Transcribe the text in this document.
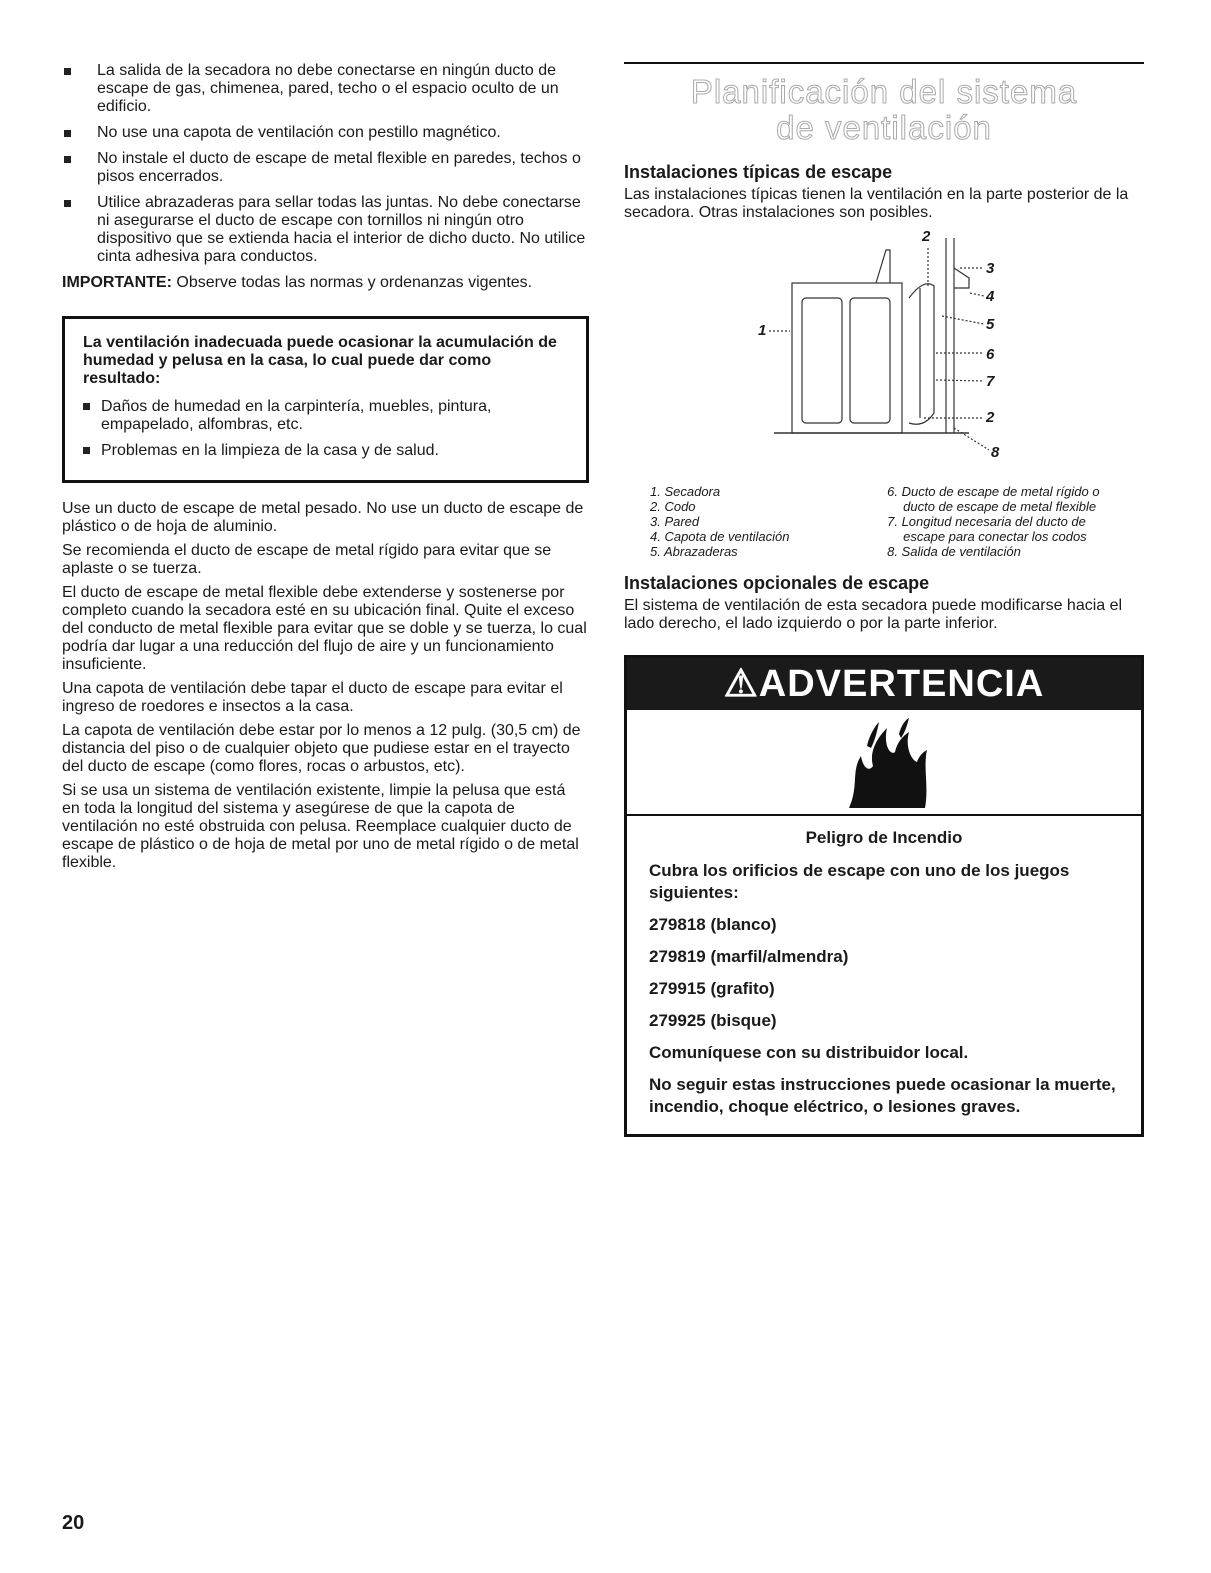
La salida de la secadora no debe conectarse en ningún ducto de escape de gas, chimenea, pared, techo o el espacio oculto de un edificio.
No use una capota de ventilación con pestillo magnético.
No instale el ducto de escape de metal flexible en paredes, techos o pisos encerrados.
Utilice abrazaderas para sellar todas las juntas. No debe conectarse ni asegurarse el ducto de escape con tornillos ni ningún otro dispositivo que se extienda hacia el interior de dicho ducto. No utilice cinta adhesiva para conductos.

IMPORTANTE: Observe todas las normas y ordenanzas vigentes.

La ventilación inadecuada puede ocasionar la acumulación de humedad y pelusa en la casa, lo cual puede dar como resultado:
Daños de humedad en la carpintería, muebles, pintura, empapelado, alfombras, etc.
Problemas en la limpieza de la casa y de salud.

Use un ducto de escape de metal pesado. No use un ducto de escape de plástico o de hoja de aluminio.

Se recomienda el ducto de escape de metal rígido para evitar que se aplaste o se tuerza.

El ducto de escape de metal flexible debe extenderse y sostenerse por completo cuando la secadora esté en su ubicación final. Quite el exceso del conducto de metal flexible para evitar que se doble y se tuerza, lo cual podría dar lugar a una reducción del flujo de aire y un funcionamiento insuficiente.

Una capota de ventilación debe tapar el ducto de escape para evitar el ingreso de roedores e insectos a la casa.

La capota de ventilación debe estar por lo menos a 12 pulg. (30,5 cm) de distancia del piso o de cualquier objeto que pudiese estar en el trayecto del ducto de escape (como flores, rocas o arbustos, etc).

Si se usa un sistema de ventilación existente, limpie la pelusa que está en toda la longitud del sistema y asegúrese de que la capota de ventilación no esté obstruida con pelusa. Reemplace cualquier ducto de escape de plástico o de hoja de metal por uno de metal rígido o de metal flexible.

Planificación del sistema
de ventilación
Instalaciones típicas de escape

Las instalaciones típicas tienen la ventilación en la parte posterior de la secadora. Otras instalaciones son posibles.

2
3
4
5
6
7
2
8
1

1. Secadora

2. Codo

3. Pared

4. Capota de ventilación

5. Abrazaderas

6. Ducto de escape de metal rígido o

ducto de escape de metal flexible

7. Longitud necesaria del ducto de

escape para conectar los codos

8. Salida de ventilación

Instalaciones opcionales de escape

El sistema de ventilación de esta secadora puede modificarse hacia el lado derecho, el lado izquierdo o por la parte inferior.

⚠ADVERTENCIA

Peligro de Incendio

Cubra los orificios de escape con uno de los juegos siguientes:

279818 (blanco)

279819 (marfil/almendra)

279915 (grafito)

279925 (bisque)

Comuníquese con su distribuidor local.

No seguir estas instrucciones puede ocasionar la muerte, incendio, choque eléctrico, o lesiones graves.

20
